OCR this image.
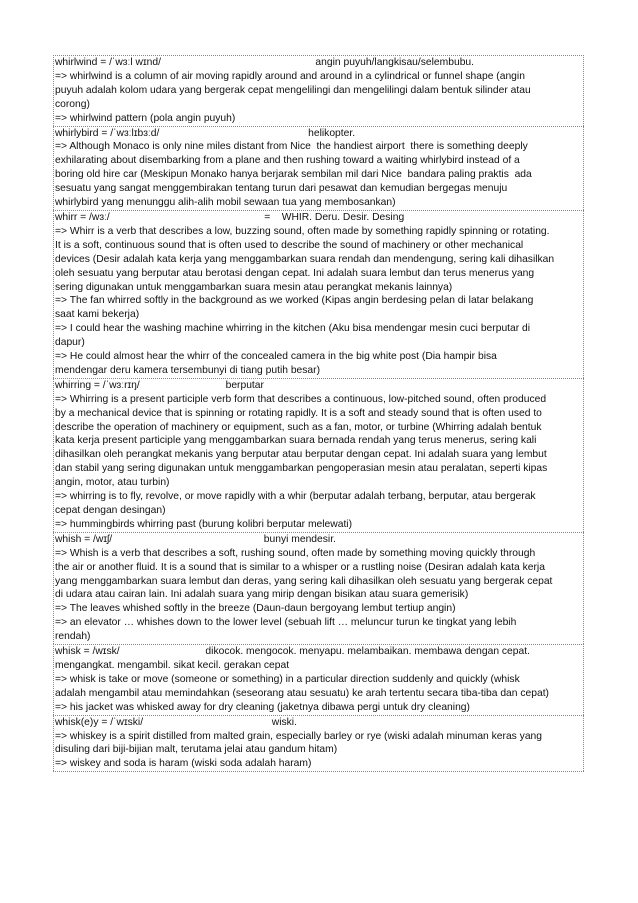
whirlwind = /ˈwɜːl wɪnd/                                                      angin puyuh/langkisau/selembubu.
=> whirlwind is a column of air moving rapidly around and around in a cylindrical or funnel shape (angin
puyuh adalah kolom udara yang bergerak cepat mengelilingi dan mengelilingi dalam bentuk silinder atau
corong)
=> whirlwind pattern (pola angin puyuh)
whirlybird = /ˈwɜːlɪbɜːd/                                                    helikopter.
=> Although Monaco is only nine miles distant from Nice  the handiest airport  there is something deeply
exhilarating about disembarking from a plane and then rushing toward a waiting whirlybird instead of a
boring old hire car (Meskipun Monako hanya berjarak sembilan mil dari Nice  bandara paling praktis  ada
sesuatu yang sangat menggembirakan tentang turun dari pesawat dan kemudian bergegas menuju
whirlybird yang menunggu alih-alih mobil sewaan tua yang membosankan)
whirr = /wɜː/                                                      =    WHIR. Deru. Desir. Desing
=> Whirr is a verb that describes a low, buzzing sound, often made by something rapidly spinning or rotating.
It is a soft, continuous sound that is often used to describe the sound of machinery or other mechanical
devices (Desir adalah kata kerja yang menggambarkan suara rendah dan mendengung, sering kali dihasilkan
oleh sesuatu yang berputar atau berotasi dengan cepat. Ini adalah suara lembut dan terus menerus yang
sering digunakan untuk menggambarkan suara mesin atau perangkat mekanis lainnya)
=> The fan whirred softly in the background as we worked (Kipas angin berdesing pelan di latar belakang
saat kami bekerja)
=> I could hear the washing machine whirring in the kitchen (Aku bisa mendengar mesin cuci berputar di
dapur)
=> He could almost hear the whirr of the concealed camera in the big white post (Dia hampir bisa
mendengar deru kamera tersembunyi di tiang putih besar)
whirring = /ˈwɜːrɪŋ/                              berputar
=> Whirring is a present participle verb form that describes a continuous, low-pitched sound, often produced
by a mechanical device that is spinning or rotating rapidly. It is a soft and steady sound that is often used to
describe the operation of machinery or equipment, such as a fan, motor, or turbine (Whirring adalah bentuk
kata kerja present participle yang menggambarkan suara bernada rendah yang terus menerus, sering kali
dihasilkan oleh perangkat mekanis yang berputar atau berputar dengan cepat. Ini adalah suara yang lembut
dan stabil yang sering digunakan untuk menggambarkan pengoperasian mesin atau peralatan, seperti kipas
angin, motor, atau turbin)
=> whirring is to fly, revolve, or move rapidly with a whir (berputar adalah terbang, berputar, atau bergerak
cepat dengan desingan)
=> hummingbirds whirring past (burung kolibri berputar melewati)
whish = /wɪʃ/                                                     bunyi mendesir.
=> Whish is a verb that describes a soft, rushing sound, often made by something moving quickly through
the air or another fluid. It is a sound that is similar to a whisper or a rustling noise (Desiran adalah kata kerja
yang menggambarkan suara lembut dan deras, yang sering kali dihasilkan oleh sesuatu yang bergerak cepat
di udara atau cairan lain. Ini adalah suara yang mirip dengan bisikan atau suara gemerisik)
=> The leaves whished softly in the breeze (Daun-daun bergoyang lembut tertiup angin)
=> an elevator … whishes down to the lower level (sebuah lift … meluncur turun ke tingkat yang lebih
rendah)
whisk = /wɪsk/                              dikocok. mengocok. menyapu. melambaikan. membawa dengan cepat.
mengangkat. mengambil. sikat kecil. gerakan cepat
=> whisk is take or move (someone or something) in a particular direction suddenly and quickly (whisk
adalah mengambil atau memindahkan (seseorang atau sesuatu) ke arah tertentu secara tiba-tiba dan cepat)
=> his jacket was whisked away for dry cleaning (jaketnya dibawa pergi untuk dry cleaning)
whisk(e)y = /ˈwɪski/                                             wiski.
=> whiskey is a spirit distilled from malted grain, especially barley or rye (wiski adalah minuman keras yang
disuling dari biji-bijian malt, terutama jelai atau gandum hitam)
=> wiskey and soda is haram (wiski soda adalah haram)
